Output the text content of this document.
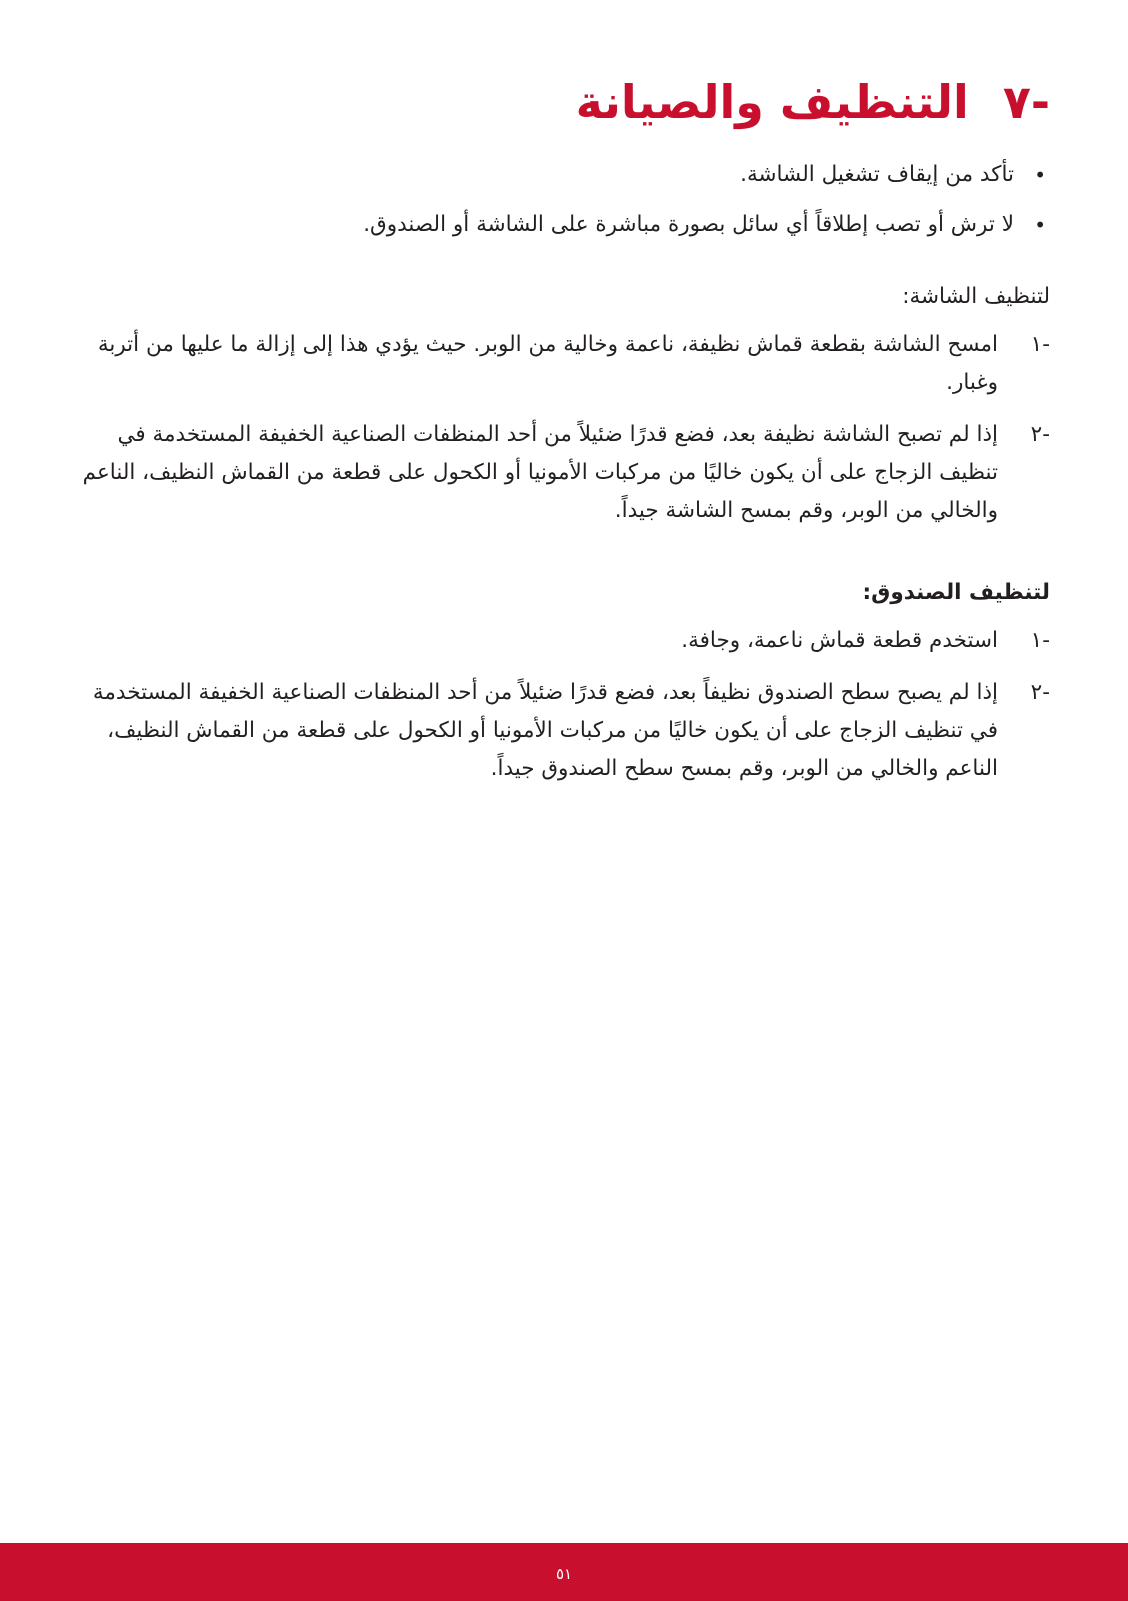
-٧
التنظيف والصيانة
•
تأكد من إيقاف تشغيل الشاشة.
•
لا ترش أو تصب إطلاقاً أي سائل بصورة مباشرة على الشاشة أو الصندوق.

لتنظيف الشاشة:

-١
امسح الشاشة بقطعة قماش نظيفة، ناعمة وخالية من الوبر. حيث يؤدي هذا إلى إزالة ما عليها من أتربة وغبار.
-٢
إذا لم تصبح الشاشة نظيفة بعد، فضع قدرًا ضئيلاً من أحد المنظفات الصناعية الخفيفة المستخدمة في تنظيف الزجاج على أن يكون خاليًا من مركبات الأمونيا أو الكحول على قطعة من القماش النظيف، الناعم والخالي من الوبر، وقم بمسح الشاشة جيداً.

لتنظيف الصندوق:

-١
استخدم قطعة قماش ناعمة، وجافة.
-٢
إذا لم يصبح سطح الصندوق نظيفاً بعد، فضع قدرًا ضئيلاً من أحد المنظفات الصناعية الخفيفة المستخدمة في تنظيف الزجاج على أن يكون خاليًا من مركبات الأمونيا أو الكحول على قطعة من القماش النظيف، الناعم والخالي من الوبر، وقم بمسح سطح الصندوق جيداً.
٥١
